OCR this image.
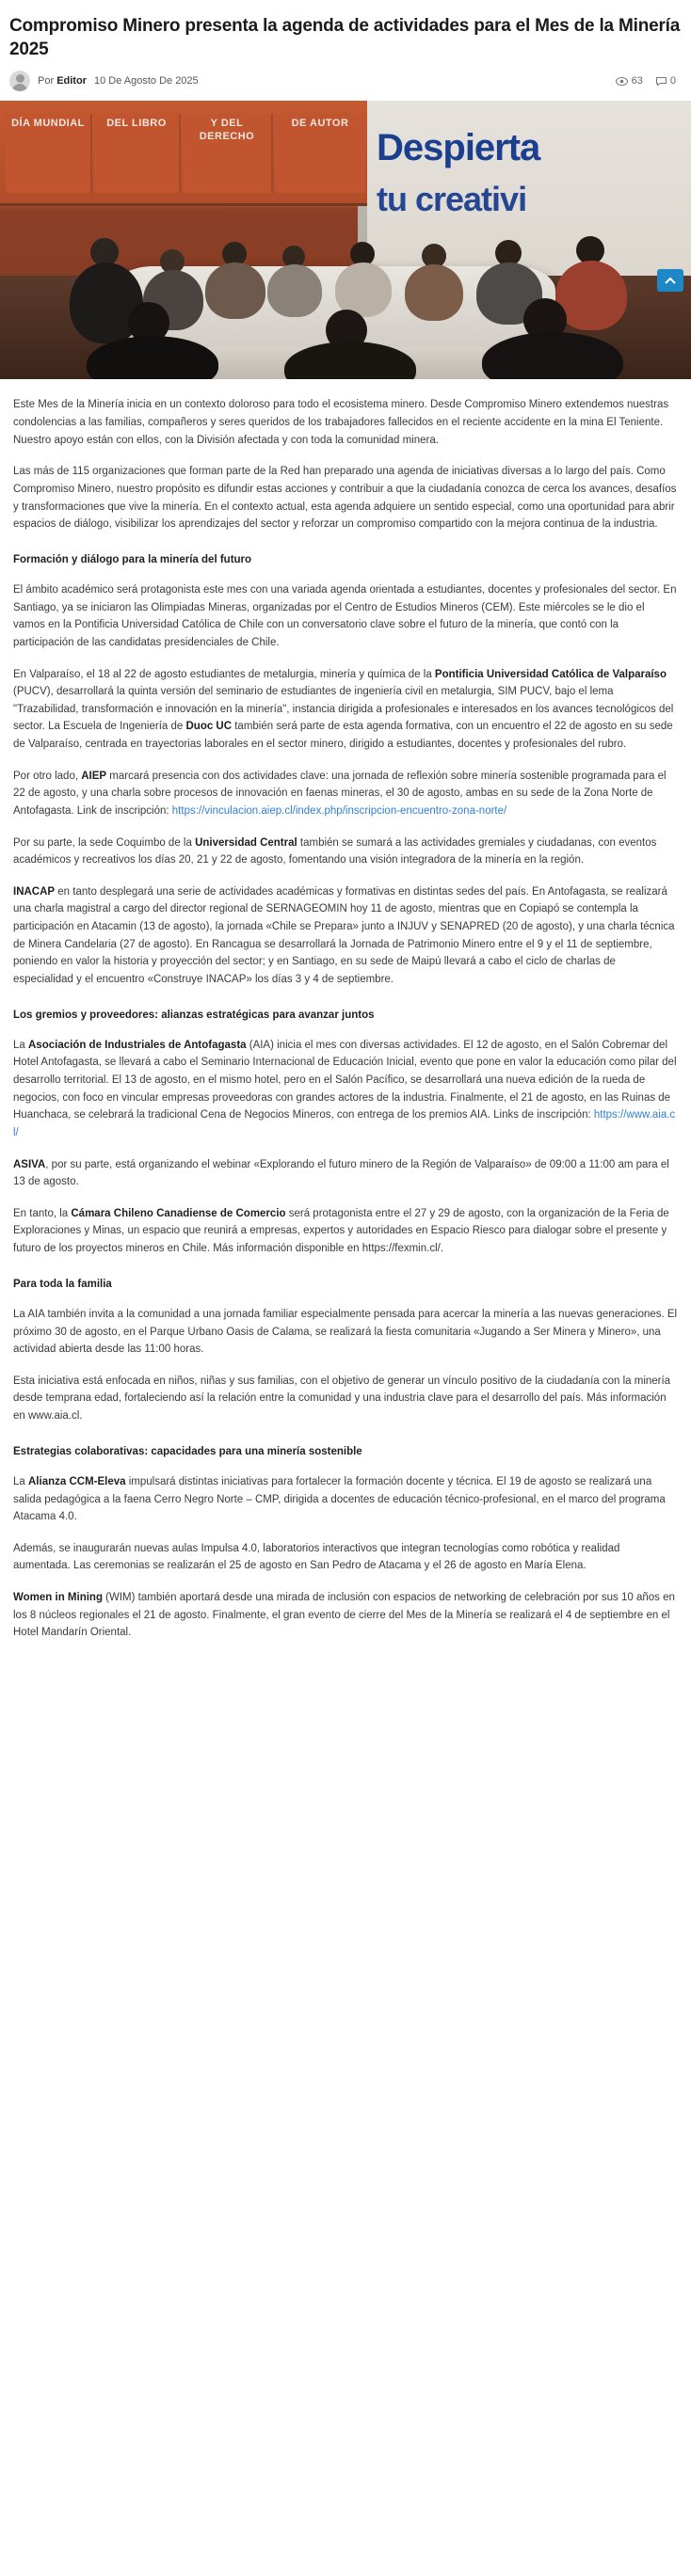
Compromiso Minero presenta la agenda de actividades para el Mes de la Minería 2025
Por Editor 10 De Agosto De 2025	63	0
DÍA MUNDIAL	DEL LIBRO	Y DEL DERECHO
DE AUTOR
Despierta
tu creativi

Este Mes de la Minería inicia en un contexto doloroso para todo el ecosistema minero. Desde Compromiso Minero extendemos nuestras condolencias a las familias, compañeros y seres queridos de los trabajadores fallecidos en el reciente accidente en la mina El Teniente. Nuestro apoyo están con ellos, con la División afectada y con toda la comunidad minera.

Las más de 115 organizaciones que forman parte de la Red han preparado una agenda de iniciativas diversas a lo largo del país. Como Compromiso Minero, nuestro propósito es difundir estas acciones y contribuir a que la ciudadanía conozca de cerca los avances, desafíos y transformaciones que vive la minería. En el contexto actual, esta agenda adquiere un sentido especial, como una oportunidad para abrir espacios de diálogo, visibilizar los aprendizajes del sector y reforzar un compromiso compartido con la mejora continua de la industria.

Formación y diálogo para la minería del futuro

El ámbito académico será protagonista este mes con una variada agenda orientada a estudiantes, docentes y profesionales del sector. En Santiago, ya se iniciaron las Olimpiadas Mineras, organizadas por el Centro de Estudios Mineros (CEM). Este miércoles se le dio el vamos en la Pontificia Universidad Católica de Chile con un conversatorio clave sobre el futuro de la minería, que contó con la participación de las candidatas presidenciales de Chile.

En Valparaíso, el 18 al 22 de agosto estudiantes de metalurgia, minería y química de la Pontificia Universidad Católica de Valparaíso (PUCV), desarrollará la quinta versión del seminario de estudiantes de ingeniería civil en metalurgia, SIM PUCV, bajo el lema "Trazabilidad, transformación e innovación en la minería", instancia dirigida a profesionales e interesados en los avances tecnológicos del sector. La Escuela de Ingeniería de Duoc UC también será parte de esta agenda formativa, con un encuentro el 22 de agosto en su sede de Valparaíso, centrada en trayectorias laborales en el sector minero, dirigido a estudiantes, docentes y profesionales del rubro.

Por otro lado, AIEP marcará presencia con dos actividades clave: una jornada de reflexión sobre minería sostenible programada para el 22 de agosto, y una charla sobre procesos de innovación en faenas mineras, el 30 de agosto, ambas en su sede de la Zona Norte de Antofagasta. Link de inscripción: https://vinculacion.aiep.cl/index.php/inscripcion-encuentro-zona-norte/

Por su parte, la sede Coquimbo de la Universidad Central también se sumará a las actividades gremiales y ciudadanas, con eventos académicos y recreativos los días 20, 21 y 22 de agosto, fomentando una visión integradora de la minería en la región.

INACAP en tanto desplegará una serie de actividades académicas y formativas en distintas sedes del país. En Antofagasta, se realizará una charla magistral a cargo del director regional de SERNAGEOMIN hoy 11 de agosto, mientras que en Copiapó se contempla la participación en Atacamin (13 de agosto), la jornada «Chile se Prepara» junto a INJUV y SENAPRED (20 de agosto), y una charla técnica de Minera Candelaria (27 de agosto). En Rancagua se desarrollará la Jornada de Patrimonio Minero entre el 9 y el 11 de septiembre, poniendo en valor la historia y proyección del sector; y en Santiago, en su sede de Maipú llevará a cabo el ciclo de charlas de especialidad y el encuentro «Construye INACAP» los días 3 y 4 de septiembre.

Los gremios y proveedores: alianzas estratégicas para avanzar juntos

La Asociación de Industriales de Antofagasta (AIA) inicia el mes con diversas actividades. El 12 de agosto, en el Salón Cobremar del Hotel Antofagasta, se llevará a cabo el Seminario Internacional de Educación Inicial, evento que pone en valor la educación como pilar del desarrollo territorial. El 13 de agosto, en el mismo hotel, pero en el Salón Pacífico, se desarrollará una nueva edición de la rueda de negocios, con foco en vincular empresas proveedoras con grandes actores de la industria. Finalmente, el 21 de agosto, en las Ruinas de Huanchaca, se celebrará la tradicional Cena de Negocios Mineros, con entrega de los premios AIA. Links de inscripción: https://www.aia.cl/

ASIVA, por su parte, está organizando el webinar «Explorando el futuro minero de la Región de Valparaíso» de 09:00 a 11:00 am para el 13 de agosto.

En tanto, la Cámara Chileno Canadiense de Comercio será protagonista entre el 27 y 29 de agosto, con la organización de la Feria de Exploraciones y Minas, un espacio que reunirá a empresas, expertos y autoridades en Espacio Riesco para dialogar sobre el presente y futuro de los proyectos mineros en Chile. Más información disponible en https://fexmin.cl/.

Para toda la familia

La AIA también invita a la comunidad a una jornada familiar especialmente pensada para acercar la minería a las nuevas generaciones. El próximo 30 de agosto, en el Parque Urbano Oasis de Calama, se realizará la fiesta comunitaria «Jugando a Ser Minera y Minero», una actividad abierta desde las 11:00 horas.

Esta iniciativa está enfocada en niños, niñas y sus familias, con el objetivo de generar un vínculo positivo de la ciudadanía con la minería desde temprana edad, fortaleciendo así la relación entre la comunidad y una industria clave para el desarrollo del país. Más información en www.aia.cl.

Estrategias colaborativas: capacidades para una minería sostenible

La Alianza CCM-Eleva impulsará distintas iniciativas para fortalecer la formación docente y técnica. El 19 de agosto se realizará una salida pedagógica a la faena Cerro Negro Norte – CMP, dirigida a docentes de educación técnico-profesional, en el marco del programa Atacama 4.0.

Además, se inaugurarán nuevas aulas Impulsa 4.0, laboratorios interactivos que integran tecnologías como robótica y realidad aumentada. Las ceremonias se realizarán el 25 de agosto en San Pedro de Atacama y el 26 de agosto en María Elena.

Women in Mining (WIM) también aportará desde una mirada de inclusión con espacios de networking de celebración por sus 10 años en los 8 núcleos regionales el 21 de agosto. Finalmente, el gran evento de cierre del Mes de la Minería se realizará el 4 de septiembre en el Hotel Mandarín Oriental.
